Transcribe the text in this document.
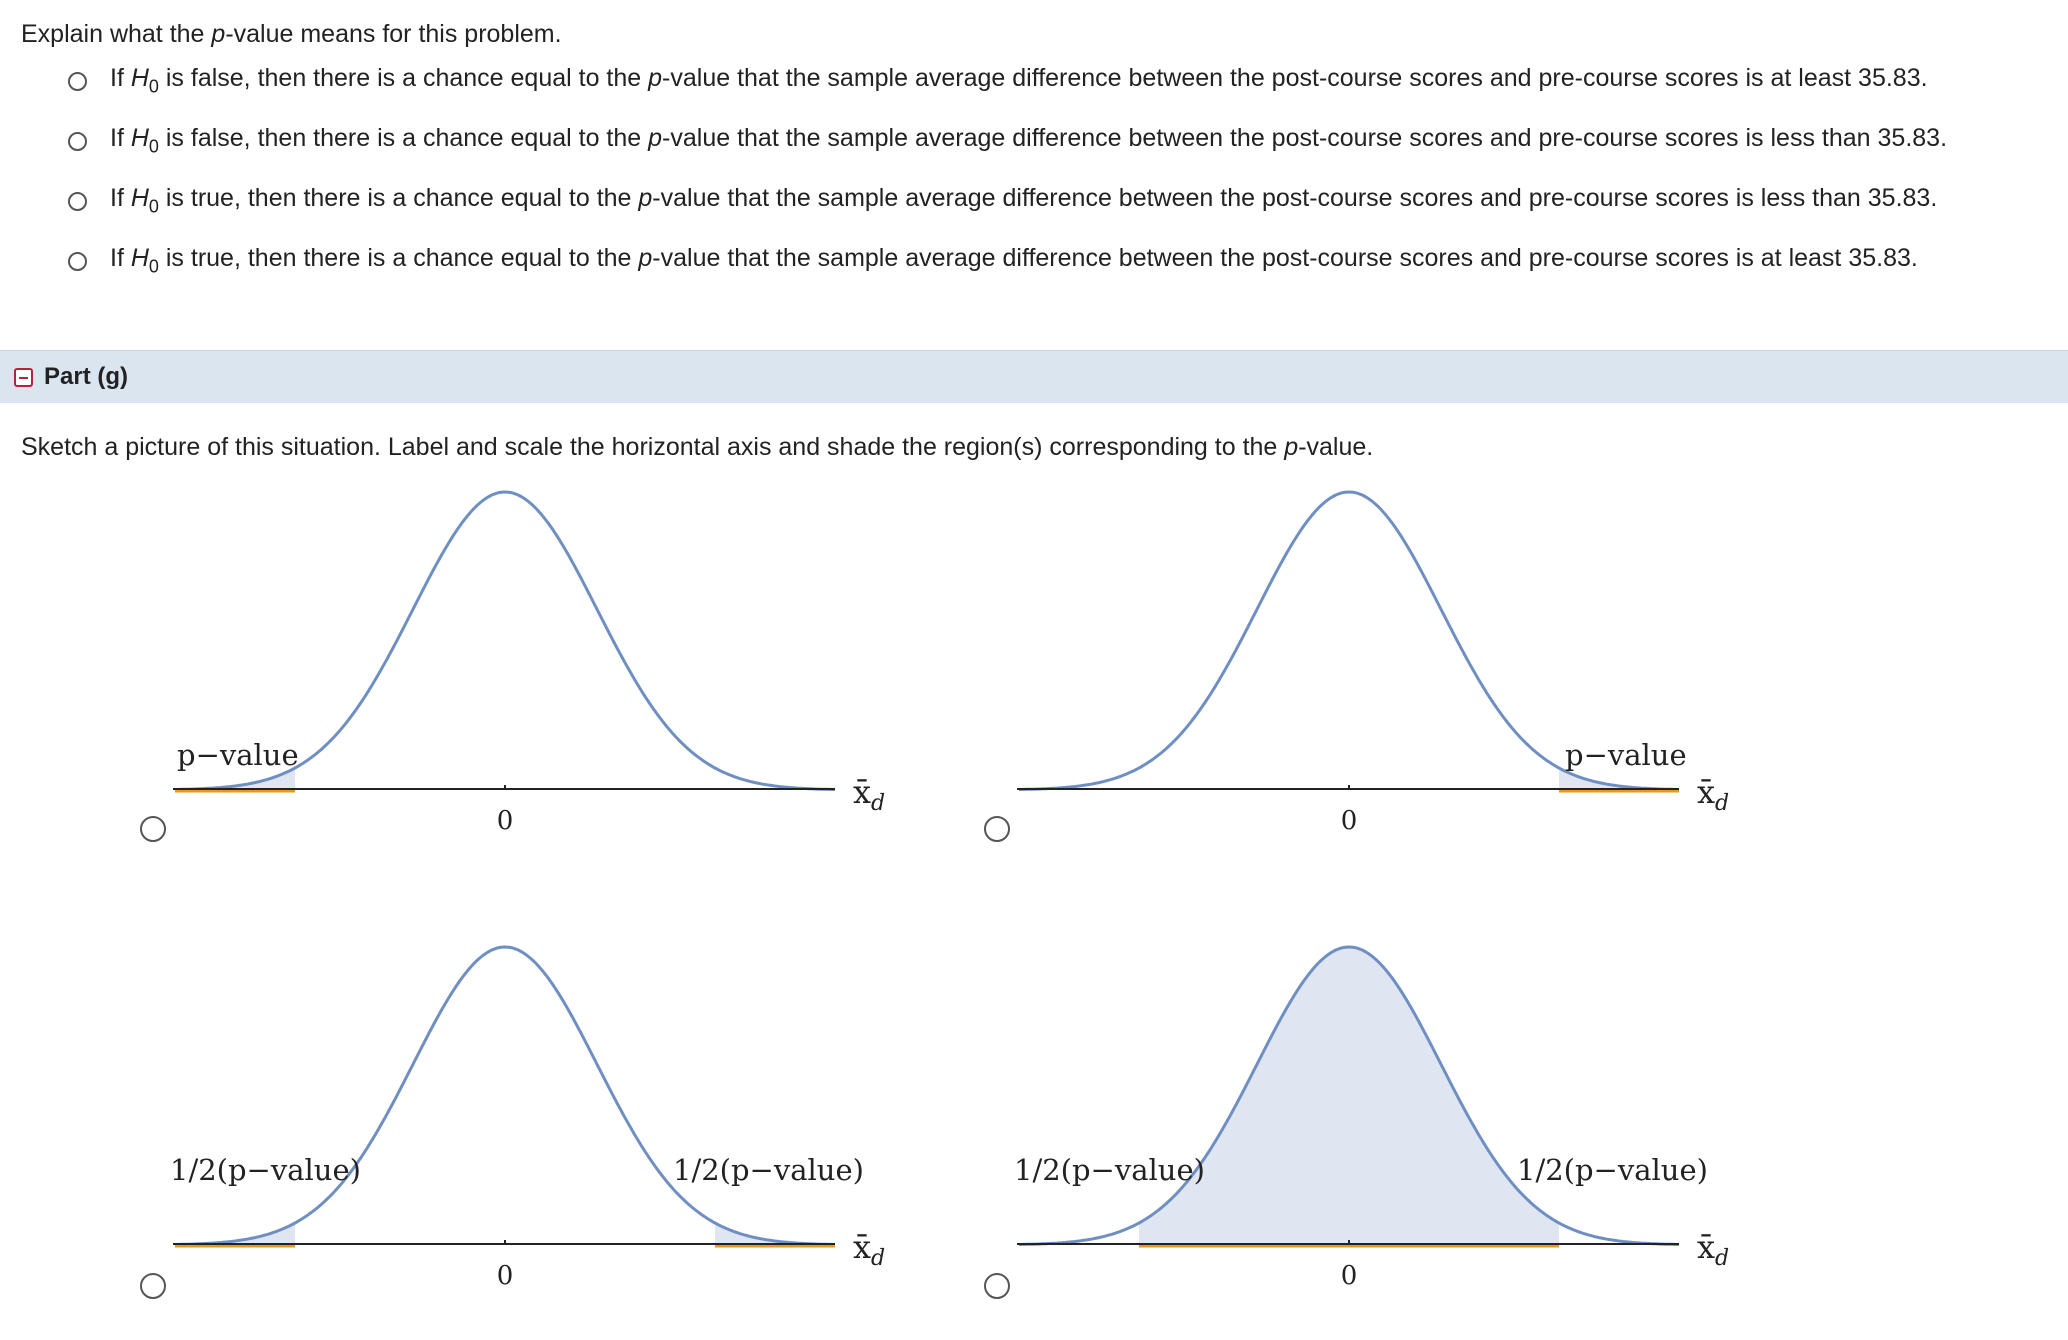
Explain what the p-value means for this problem.
If $H_0$ is false, then there is a chance equal to the p-value that the sample average difference between the post-course scores and pre-course scores is at least 35.83.
If $H_0$ is false, then there is a chance equal to the p-value that the sample average difference between the post-course scores and pre-course scores is less than 35.83.
If $H_0$ is true, then there is a chance equal to the p-value that the sample average difference between the post-course scores and pre-course scores is less than 35.83.
If $H_0$ is true, then there is a chance equal to the p-value that the sample average difference between the post-course scores and pre-course scores is at least 35.83.
Part (g)
Sketch a picture of this situation. Label and scale the horizontal axis and shade the region(s) corresponding to the p-value.
0
x̄ d
p−value
0
x̄ d
p−value
0
x̄ d
1/2(p−value)	1/2(p−value)
0
x̄ d
1/2(p−value)	1/2(p−value)
